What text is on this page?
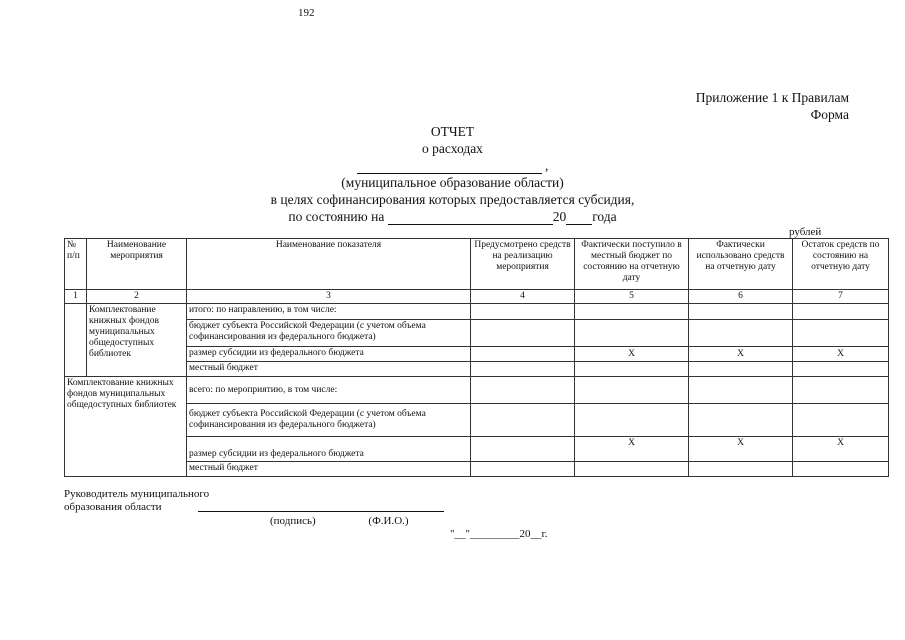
192
Приложение 1 к Правилам
Форма
ОТЧЕТ
о расходах
,
(муниципальное образование области)
в целях софинансирования которых предоставляется субсидия,
по состоянию на	20 года
рублей
№ п/п	Наименование мероприятия	Наименование показателя	Предусмотрено средств на реализацию мероприятия	Фактически поступило в местный бюджет по состоянию на отчетную дату	Фактически использовано средств на отчетную дату	Остаток средств по состоянию на отчетную дату
1	2	3	4	5	6	7
	Комплектование книжных фондов муниципальных общедоступных библиотек	итого: по направлению, в том числе:				
		бюджет субъекта Российской Федерации (с учетом объема софинансирования из федерального бюджета)				
		размер субсидии из федерального бюджета		X	X	X
		местный бюджет				
Комплектование книжных фондов муниципальных общедоступных библиотек		всего: по мероприятию, в том числе:				
		бюджет субъекта Российской Федерации (с учетом объема софинансирования из федерального бюджета)				
		размер субсидии из федерального бюджета		X	X	X
		местный бюджет				
Руководитель муниципального
образования области
(подпись)	(Ф.И.О.)
"__"_________20__г.
